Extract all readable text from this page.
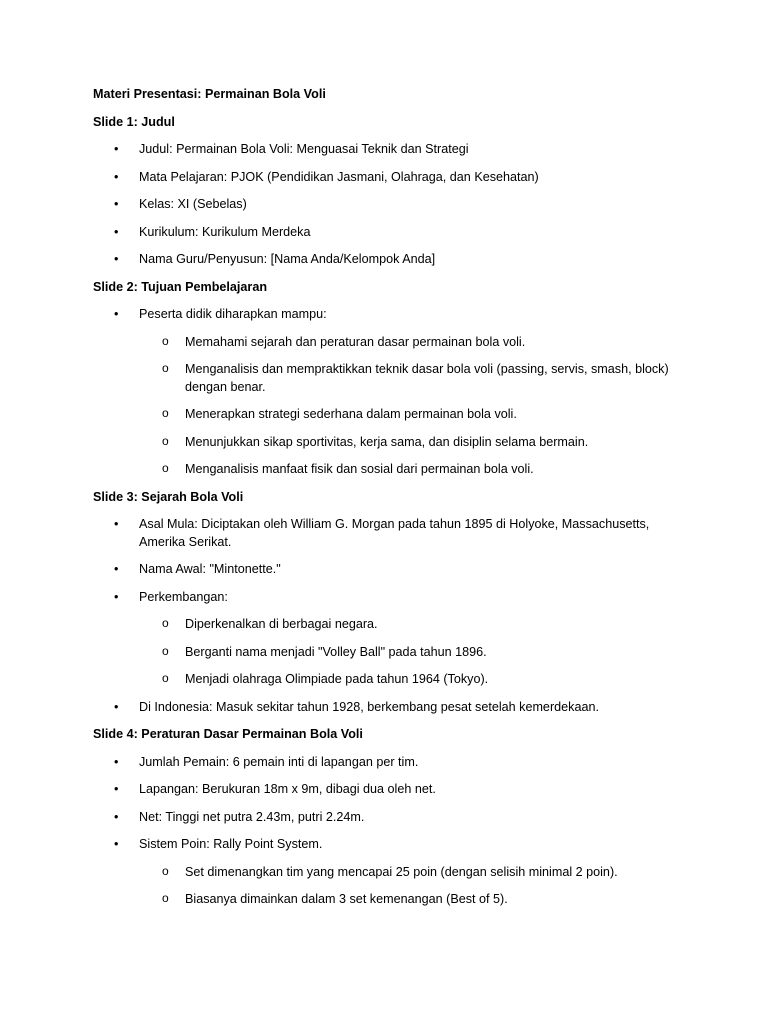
Materi Presentasi: Permainan Bola Voli
Slide 1: Judul
• Judul: Permainan Bola Voli: Menguasai Teknik dan Strategi
• Mata Pelajaran: PJOK (Pendidikan Jasmani, Olahraga, dan Kesehatan)
• Kelas: XI (Sebelas)
• Kurikulum: Kurikulum Merdeka
• Nama Guru/Penyusun: [Nama Anda/Kelompok Anda]
Slide 2: Tujuan Pembelajaran
• Peserta didik diharapkan mampu:
o Memahami sejarah dan peraturan dasar permainan bola voli.
o Menganalisis dan mempraktikkan teknik dasar bola voli (passing, servis, smash, block) dengan benar.
o Menerapkan strategi sederhana dalam permainan bola voli.
o Menunjukkan sikap sportivitas, kerja sama, dan disiplin selama bermain.
o Menganalisis manfaat fisik dan sosial dari permainan bola voli.
Slide 3: Sejarah Bola Voli
• Asal Mula: Diciptakan oleh William G. Morgan pada tahun 1895 di Holyoke, Massachusetts, Amerika Serikat.
• Nama Awal: "Mintonette."
• Perkembangan:
o Diperkenalkan di berbagai negara.
o Berganti nama menjadi "Volley Ball" pada tahun 1896.
o Menjadi olahraga Olimpiade pada tahun 1964 (Tokyo).
• Di Indonesia: Masuk sekitar tahun 1928, berkembang pesat setelah kemerdekaan.
Slide 4: Peraturan Dasar Permainan Bola Voli
• Jumlah Pemain: 6 pemain inti di lapangan per tim.
• Lapangan: Berukuran 18m x 9m, dibagi dua oleh net.
• Net: Tinggi net putra 2.43m, putri 2.24m.
• Sistem Poin: Rally Point System.
o Set dimenangkan tim yang mencapai 25 poin (dengan selisih minimal 2 poin).
o Biasanya dimainkan dalam 3 set kemenangan (Best of 5).
